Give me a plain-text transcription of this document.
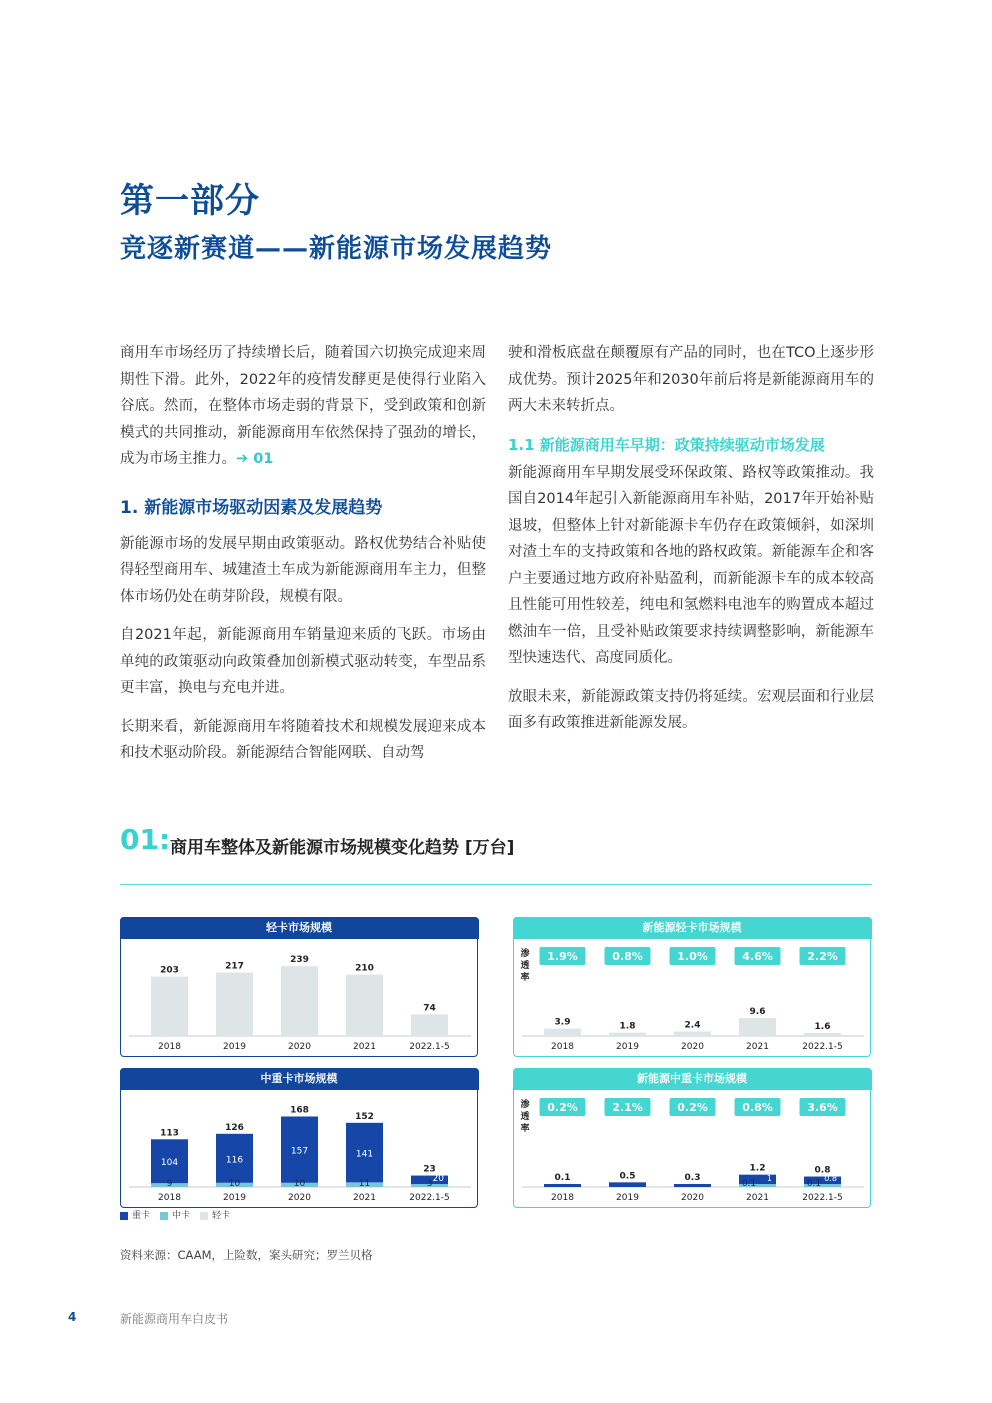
第一部分
竞逐新赛道——新能源市场发展趋势

商用车市场经历了持续增长后，随着国六切换完成迎来周期性下滑。此外，2022年的疫情发酵更是使得行业陷入谷底。然而，在整体市场走弱的背景下，受到政策和创新模式的共同推动，新能源商用车依然保持了强劲的增长，成为市场主推力。➔ 01

1. 新能源市场驱动因素及发展趋势

新能源市场的发展早期由政策驱动。路权优势结合补贴使得轻型商用车、城建渣土车成为新能源商用车主力，但整体市场仍处在萌芽阶段，规模有限。

自2021年起，新能源商用车销量迎来质的飞跃。市场由单纯的政策驱动向政策叠加创新模式驱动转变，车型品系更丰富，换电与充电并进。

长期来看，新能源商用车将随着技术和规模发展迎来成本和技术驱动阶段。新能源结合智能网联、自动驾

驶和滑板底盘在颠覆原有产品的同时，也在TCO上逐步形成优势。预计2025年和2030年前后将是新能源商用车的两大未来转折点。

1.1 新能源商用车早期：政策持续驱动市场发展

新能源商用车早期发展受环保政策、路权等政策推动。我国自2014年起引入新能源商用车补贴，2017年开始补贴退坡，但整体上针对新能源卡车仍存在政策倾斜，如深圳对渣土车的支持政策和各地的路权政策。新能源车企和客户主要通过地方政府补贴盈利，而新能源卡车的成本较高且性能可用性较差，纯电和氢燃料电池车的购置成本超过燃油车一倍，且受补贴政策要求持续调整影响，新能源车型快速迭代、高度同质化。

放眼未来，新能源政策支持仍将延续。宏观层面和行业层面多有政策推进新能源发展。

01: 商用车整体及新能源市场规模变化趋势 [万台]
轻卡市场规模
203
2018
217
2019
239
2020
210
2021
74
2022.1-5
中重卡市场规模
104
9
113
2018
116
10
126
2019
157
10
168
2020
141
11
152
2021
20
3
23
2022.1-5
新能源轻卡市场规模
渗
透
率
1.9%
3.9
2018
0.8%
1.8
2019
1.0%
2.4
2020
4.6%
9.6
2021
2.2%
1.6
2022.1-5
新能源中重卡市场规模
渗
透
率
0.2%
0.1
2018
2.1%
0.5
2019
0.2%
0.3
2020
0.8%
1
0.1
1.2
2021
3.6%
0.8
0.1
0.8
2022.1-5
重卡	中卡	轻卡
资料来源：CAAM，上险数，案头研究；罗兰贝格
4	新能源商用车白皮书
